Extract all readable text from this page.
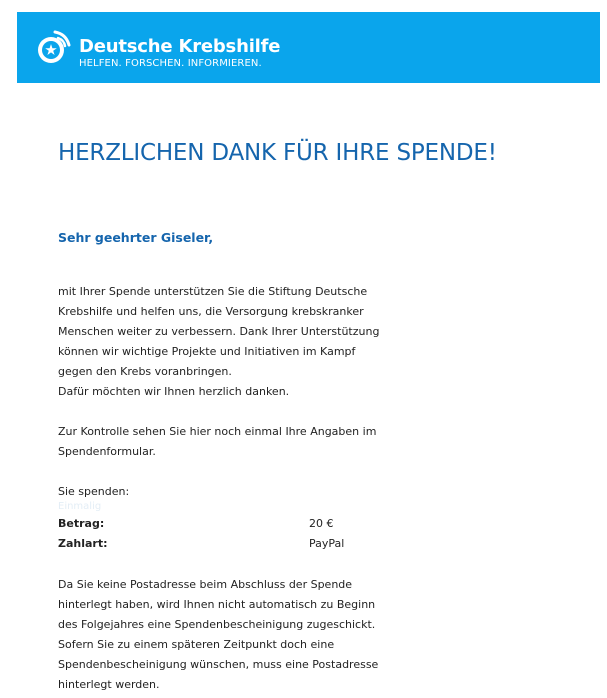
Deutsche Krebshilfe
HELFEN. FORSCHEN. INFORMIEREN.
HERZLICHEN DANK FÜR IHRE SPENDE!

Sehr geehrter Giseler,

mit Ihrer Spende unterstützen Sie die Stiftung Deutsche
Krebshilfe und helfen uns, die Versorgung krebskranker
Menschen weiter zu verbessern. Dank Ihrer Unterstützung
können wir wichtige Projekte und Initiativen im Kampf
gegen den Krebs voranbringen.
Dafür möchten wir Ihnen herzlich danken.

Zur Kontrolle sehen Sie hier noch einmal Ihre Angaben im Spendenformular.

Sie spenden:

Einmalig
Betrag:	20 €
Zahlart:	PayPal

Da Sie keine Postadresse beim Abschluss der Spende
hinterlegt haben, wird Ihnen nicht automatisch zu Beginn
des Folgejahres eine Spendenbescheinigung zugeschickt.
Sofern Sie zu einem späteren Zeitpunkt doch eine
Spendenbescheinigung wünschen, muss eine Postadresse
hinterlegt werden.
